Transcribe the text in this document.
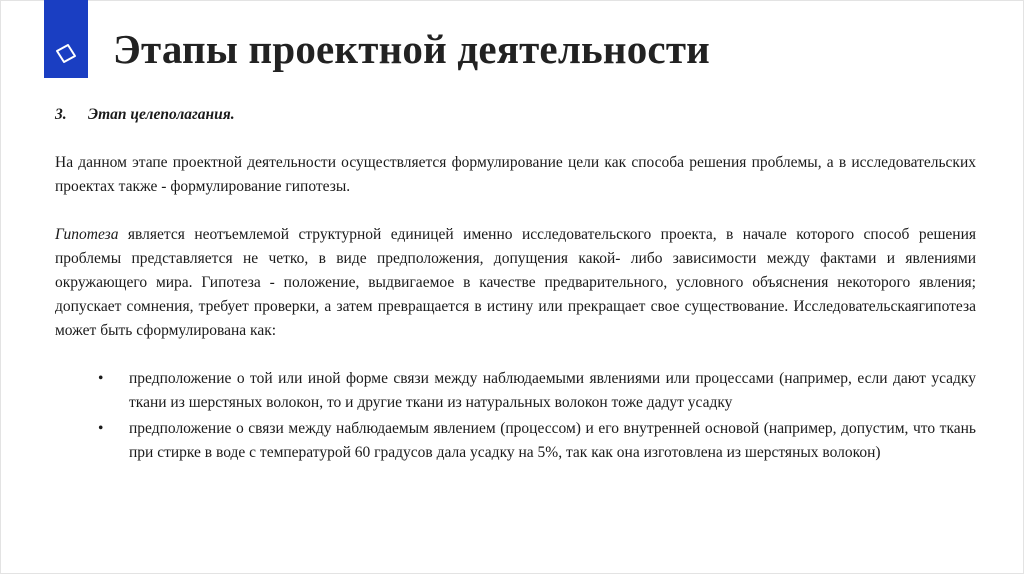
Этапы проектной деятельности

3. Этап целеполагания.

На данном этапе проектной деятельности осуществляется формулирование цели как способа решения проблемы, а в исследовательских проектах также - формулирование гипотезы.

Гипотеза является неотъемлемой структурной единицей именно исследовательского проекта, в начале которого способ решения проблемы представляется не четко, в виде предположения, допущения какой- либо зависимости между фактами и явлениями окружающего мира. Гипотеза - положение, выдвигаемое в качестве предварительного, условного объяснения некоторого явления; допускает сомнения, требует проверки, а затем превращается в истину или прекращает свое существование. Исследовательскаягипотеза может быть сформулирована как:

• предположение о той или иной форме связи между наблюдаемыми явлениями или процессами (например, если дают усадку ткани из шерстяных волокон, то и другие ткани из натуральных волокон тоже дадут усадку
• предположение о связи между наблюдаемым явлением (процессом) и его внутренней основой (например, допустим, что ткань при стирке в воде с температурой 60 градусов дала усадку на 5%, так как она изготовлена из шерстяных волокон)
